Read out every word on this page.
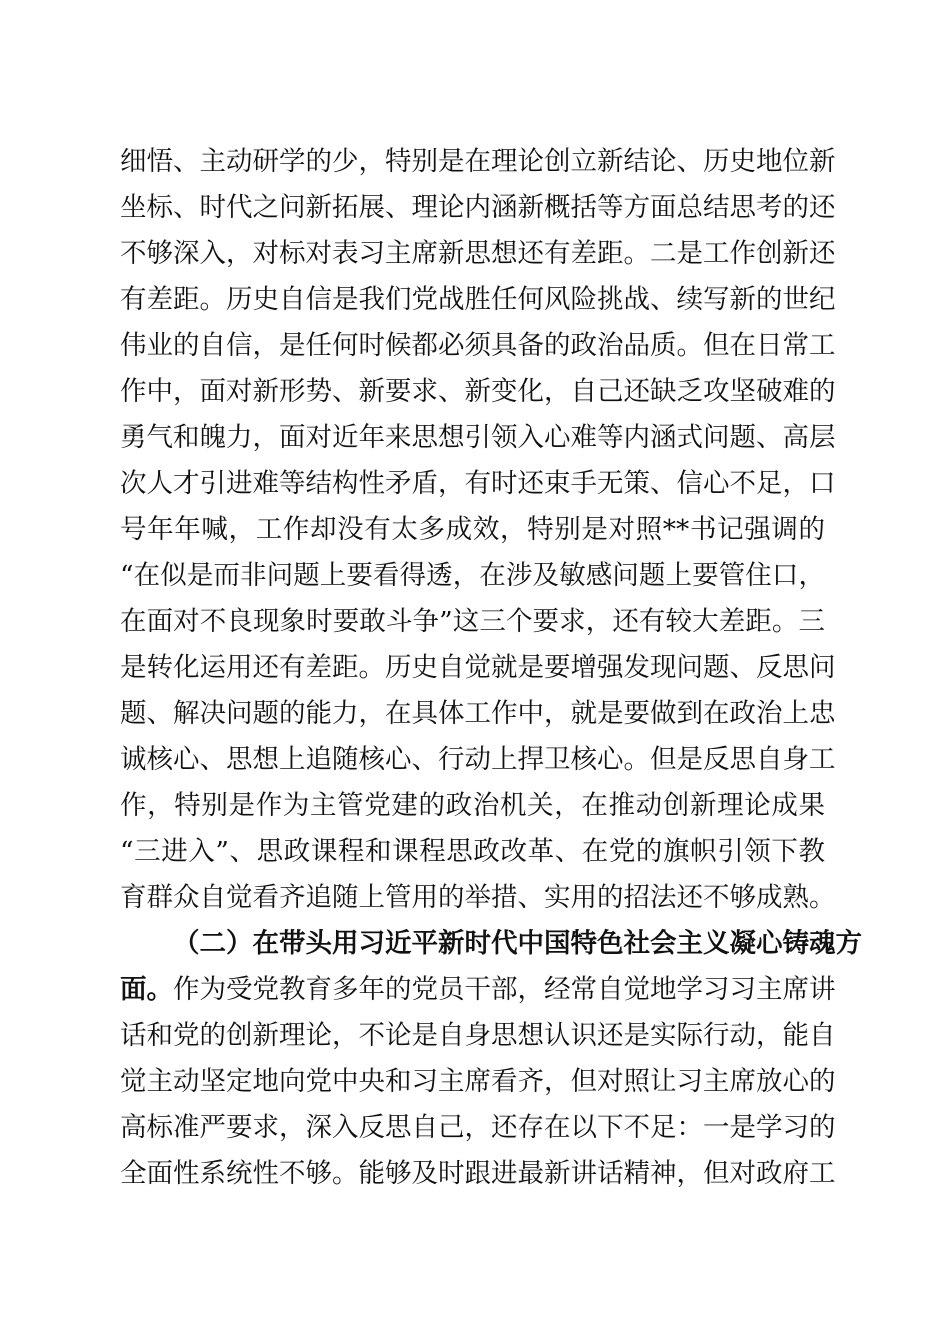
细悟、主动研学的少，特别是在理论创立新结论、历史地位新
坐标、时代之问新拓展、理论内涵新概括等方面总结思考的还
不够深入，对标对表习主席新思想还有差距。二是工作创新还
有差距。历史自信是我们党战胜任何风险挑战、续写新的世纪
伟业的自信，是任何时候都必须具备的政治品质。但在日常工
作中，面对新形势、新要求、新变化，自己还缺乏攻坚破难的
勇气和魄力，面对近年来思想引领入心难等内涵式问题、高层
次人才引进难等结构性矛盾，有时还束手无策、信心不足，口
号年年喊，工作却没有太多成效，特别是对照**书记强调的
“在似是而非问题上要看得透，在涉及敏感问题上要管住口，
在面对不良现象时要敢斗争”这三个要求，还有较大差距。三
是转化运用还有差距。历史自觉就是要增强发现问题、反思问
题、解决问题的能力，在具体工作中，就是要做到在政治上忠
诚核心、思想上追随核心、行动上捍卫核心。但是反思自身工
作，特别是作为主管党建的政治机关，在推动创新理论成果
“三进入”、思政课程和课程思政改革、在党的旗帜引领下教
育群众自觉看齐追随上管用的举措、实用的招法还不够成熟。
（二）在带头用习近平新时代中国特色社会主义凝心铸魂方
面。作为受党教育多年的党员干部，经常自觉地学习习主席讲
话和党的创新理论，不论是自身思想认识还是实际行动，能自
觉主动坚定地向党中央和习主席看齐，但对照让习主席放心的
高标准严要求，深入反思自己，还存在以下不足：一是学习的
全面性系统性不够。能够及时跟进最新讲话精神，但对政府工
